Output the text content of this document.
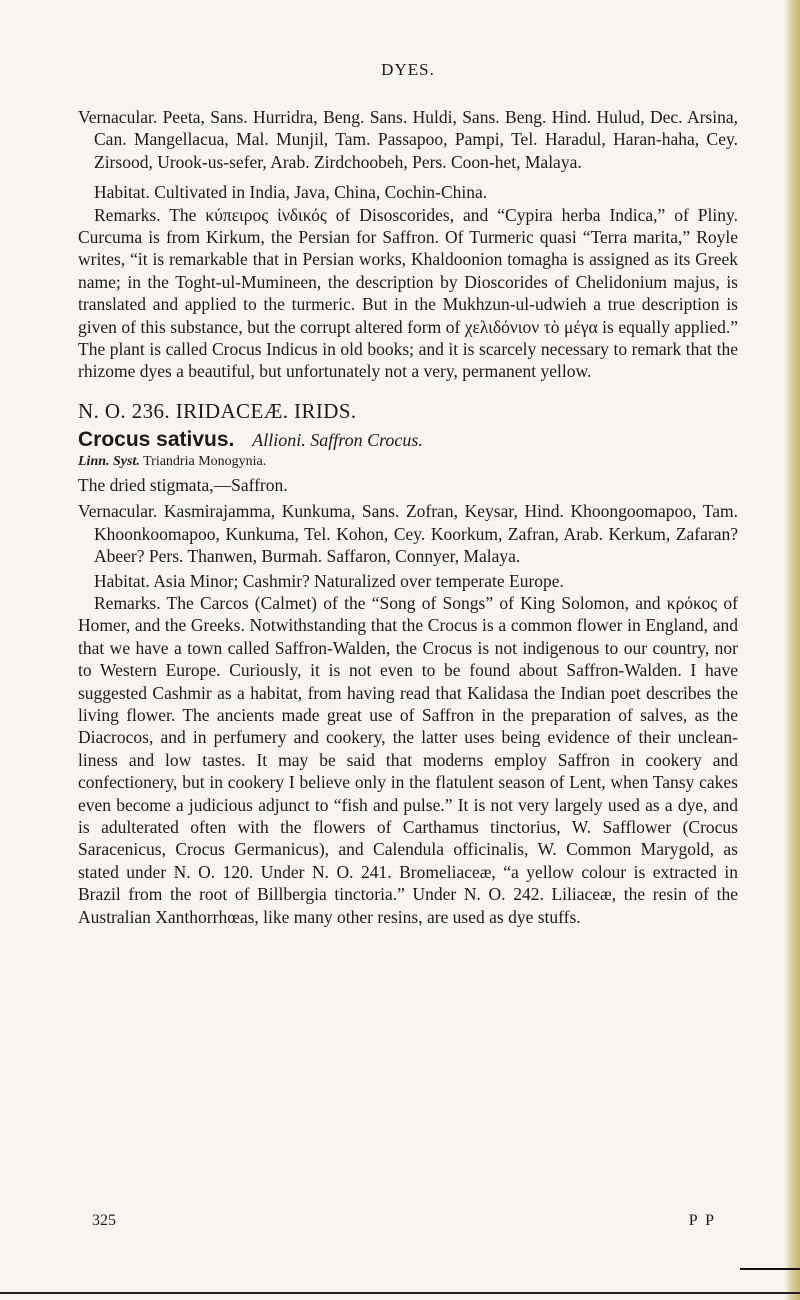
DYES.

Vernacular. Peeta, Sans. Hurridra, Beng. Sans. Huldi, Sans. Beng. Hind. Hulud, Dec. Arsina, Can. Mangellacua, Mal. Munjil, Tam. Passapoo, Pampi, Tel. Haradul, Haran-haha, Cey. Zirsood, Urook-us-sefer, Arab. Zirdchoobeh, Pers. Coon-het, Malaya.

Habitat. Cultivated in India, Java, China, Cochin-China.

Remarks. The κύπειρος ἰνδικός of Disoscorides, and “Cypira herba Indica,” of Pliny. Curcuma is from Kirkum, the Persian for Saffron. Of Turmeric quasi “Terra marita,” Royle writes, “it is remarkable that in Persian works, Khaldoonion tomagha is assigned as its Greek name; in the Toght-ul-Mumineen, the description by Dioscorides of Chelidonium majus, is translated and applied to the turmeric. But in the Mukhzun-ul-udwieh a true description is given of this substance, but the corrupt altered form of χελιδόνιον τὸ μέγα is equally applied.” The plant is called Crocus Indicus in old books; and it is scarcely necessary to remark that the rhizome dyes a beautiful, but unfortunately not a very, permanent yellow.

N. O. 236. IRIDACEÆ. IRIDS.
Crocus sativus. Allioni. Saffron Crocus.
Linn. Syst. Triandria Monogynia.

The dried stigmata,—Saffron.

Vernacular. Kasmirajamma, Kunkuma, Sans. Zofran, Keysar, Hind. Khoongoomapoo, Tam. Khoonkoomapoo, Kunkuma, Tel. Kohon, Cey. Koorkum, Zafran, Arab. Kerkum, Zafaran? Abeer? Pers. Thanwen, Burmah. Saffaron, Connyer, Malaya.

Habitat. Asia Minor; Cashmir? Naturalized over temperate Europe.

Remarks. The Carcos (Calmet) of the “Song of Songs” of King Solomon, and κρόκος of Homer, and the Greeks. Notwithstanding that the Crocus is a common flower in England, and that we have a town called Saffron-Walden, the Crocus is not indigenous to our country, nor to Western Europe. Curiously, it is not even to be found about Saffron-Walden. I have suggested Cashmir as a habitat, from having read that Kalidasa the Indian poet describes the living flower. The ancients made great use of Saffron in the preparation of salves, as the Diacrocos, and in perfumery and cookery, the latter uses being evidence of their unclean-liness and low tastes. It may be said that moderns employ Saffron in cookery and confectionery, but in cookery I believe only in the flatulent season of Lent, when Tansy cakes even become a judicious adjunct to “fish and pulse.” It is not very largely used as a dye, and is adulterated often with the flowers of Carthamus tinctorius, W. Safflower (Crocus Saracenicus, Crocus Germanicus), and Calendula officinalis, W. Common Marygold, as stated under N. O. 120. Under N. O. 241. Bromeliaceæ, “a yellow colour is extracted in Brazil from the root of Billbergia tinctoria.” Under N. O. 242. Liliaceæ, the resin of the Australian Xanthorrhœas, like many other resins, are used as dye stuffs.

325	P P
